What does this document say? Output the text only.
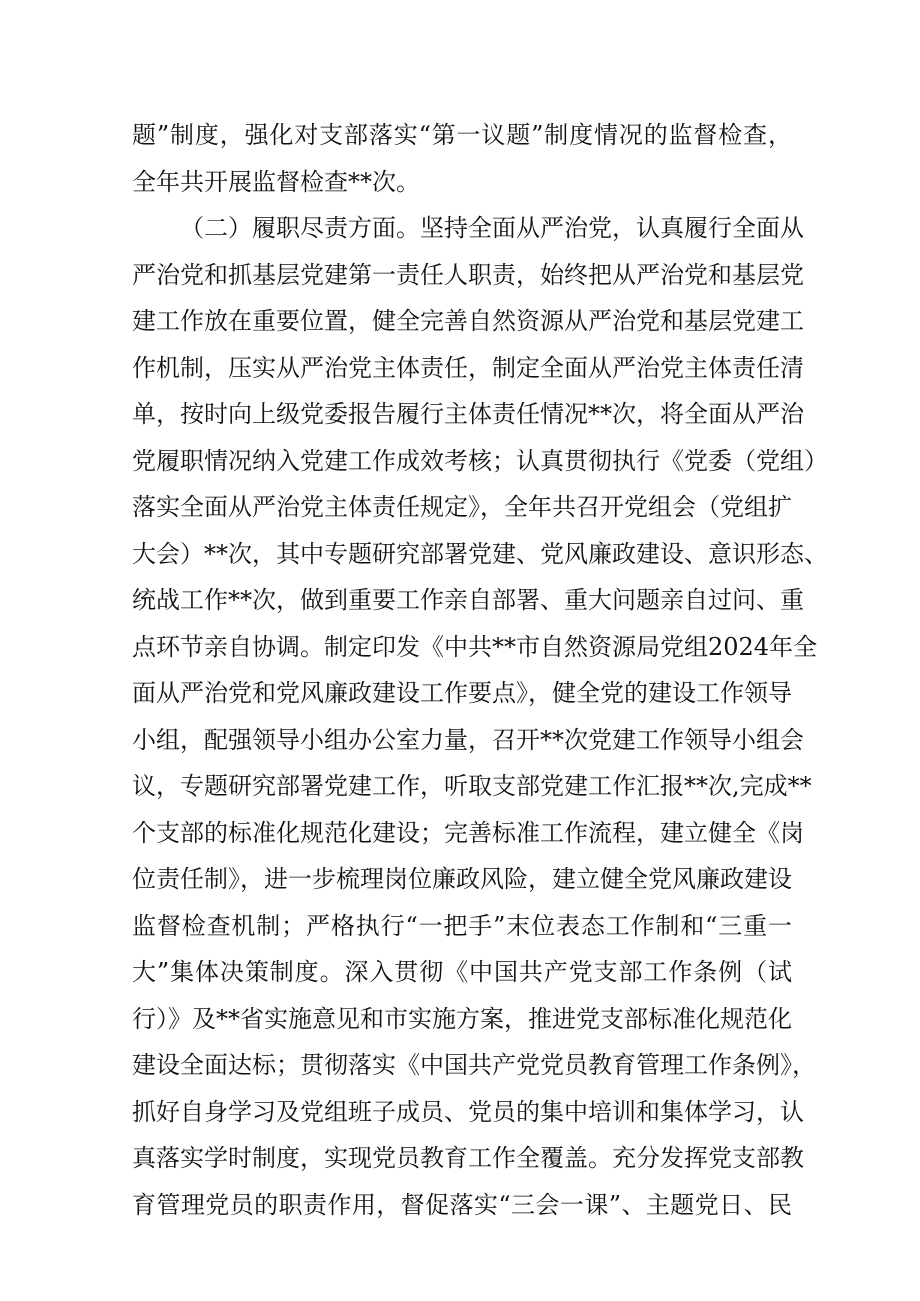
题”制度，强化对支部落实“第一议题”制度情况的监督检查，
全年共开展监督检查**次。
（二）履职尽责方面。坚持全面从严治党，认真履行全面从
严治党和抓基层党建第一责任人职责，始终把从严治党和基层党
建工作放在重要位置，健全完善自然资源从严治党和基层党建工
作机制，压实从严治党主体责任，制定全面从严治党主体责任清
单，按时向上级党委报告履行主体责任情况**次，将全面从严治
党履职情况纳入党建工作成效考核；认真贯彻执行《党委（党组）
落实全面从严治党主体责任规定》，全年共召开党组会（党组扩
大会）**次，其中专题研究部署党建、党风廉政建设、意识形态、
统战工作**次，做到重要工作亲自部署、重大问题亲自过问、重
点环节亲自协调。制定印发《中共**市自然资源局党组2024年全
面从严治党和党风廉政建设工作要点》，健全党的建设工作领导
小组，配强领导小组办公室力量，召开**次党建工作领导小组会
议，专题研究部署党建工作，听取支部党建工作汇报**次,完成**
个支部的标准化规范化建设；完善标准工作流程，建立健全《岗
位责任制》，进一步梳理岗位廉政风险，建立健全党风廉政建设
监督检查机制；严格执行“一把手”末位表态工作制和“三重一
大”集体决策制度。深入贯彻《中国共产党支部工作条例（试
行）》及**省实施意见和市实施方案，推进党支部标准化规范化
建设全面达标；贯彻落实《中国共产党党员教育管理工作条例》，
抓好自身学习及党组班子成员、党员的集中培训和集体学习，认
真落实学时制度，实现党员教育工作全覆盖。充分发挥党支部教
育管理党员的职责作用，督促落实“三会一课”、主题党日、民
